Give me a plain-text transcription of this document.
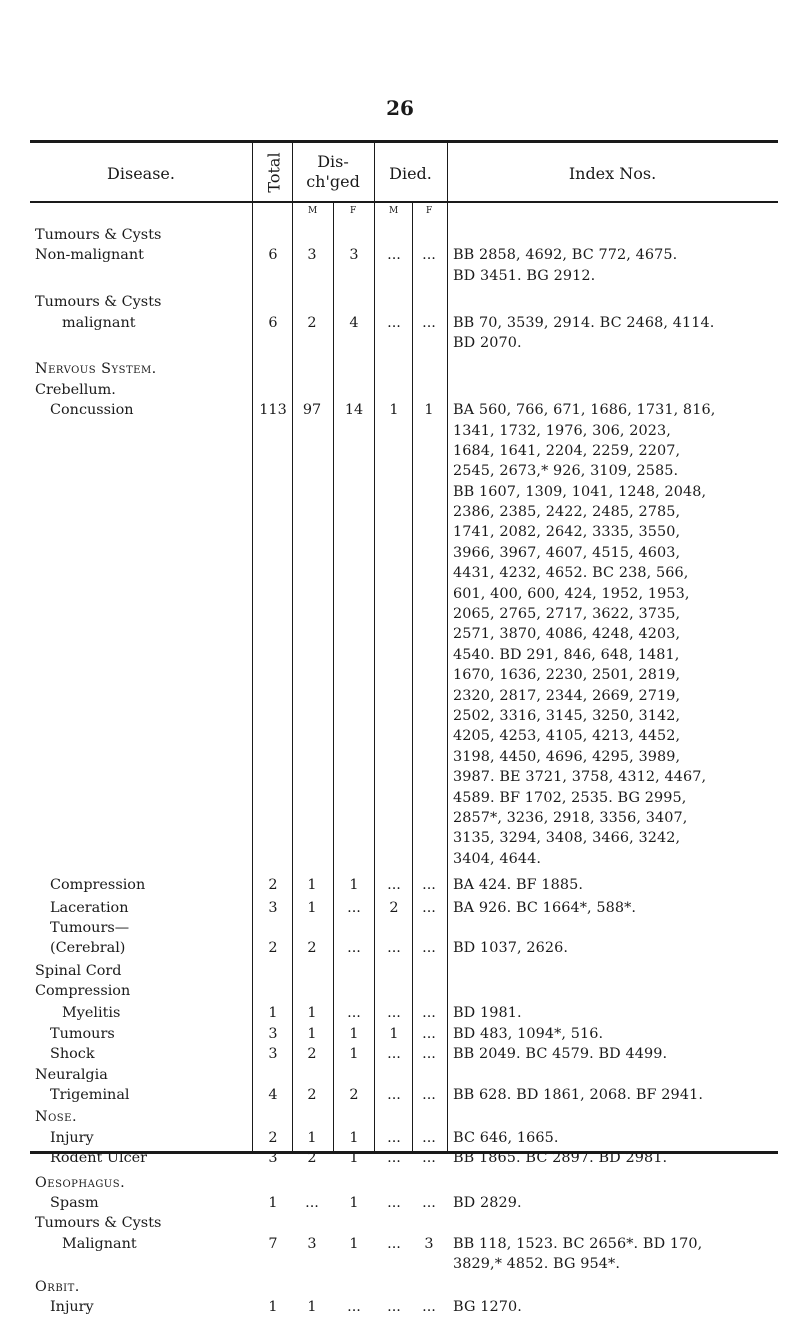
26
Disease.	Total	Dis-
ch'ged	Died.	Index Nos.
M	F	M	F
Tumours & Cysts
Non-malignant	6	3	3	...	...	BB 2858, 4692, BC 772, 4675.
BD 3451. BG 2912.
Tumours & Cysts
malignant	6	2	4	...	...	BB 70, 3539, 2914. BC 2468, 4114.
BD 2070.
Nervous System.
Crebellum.
Concussion	113	97	14	1	1	BA 560, 766, 671, 1686, 1731, 816,
1341, 1732, 1976, 306, 2023,
1684, 1641, 2204, 2259, 2207,
2545, 2673,* 926, 3109, 2585.
BB 1607, 1309, 1041, 1248, 2048,
2386, 2385, 2422, 2485, 2785,
1741, 2082, 2642, 3335, 3550,
3966, 3967, 4607, 4515, 4603,
4431, 4232, 4652. BC 238, 566,
601, 400, 600, 424, 1952, 1953,
2065, 2765, 2717, 3622, 3735,
2571, 3870, 4086, 4248, 4203,
4540. BD 291, 846, 648, 1481,
1670, 1636, 2230, 2501, 2819,
2320, 2817, 2344, 2669, 2719,
2502, 3316, 3145, 3250, 3142,
4205, 4253, 4105, 4213, 4452,
3198, 4450, 4696, 4295, 3989,
3987. BE 3721, 3758, 4312, 4467,
4589. BF 1702, 2535. BG 2995,
2857*, 3236, 2918, 3356, 3407,
3135, 3294, 3408, 3466, 3242,
3404, 4644.
Compression	2	1	1	...	...	BA 424. BF 1885.
Laceration	3	1	...	2	...	BA 926. BC 1664*, 588*.
Tumours—
(Cerebral)	2	2	...	...	...	BD 1037, 2626.
Spinal Cord
Compression
Myelitis	1	1	...	...	...	BD 1981.
Tumours	3	1	1	1	...	BD 483, 1094*, 516.
Shock	3	2	1	...	...	BB 2049. BC 4579. BD 4499.
Neuralgia
Trigeminal	4	2	2	...	...	BB 628. BD 1861, 2068. BF 2941.
Nose.
Injury	2	1	1	...	...	BC 646, 1665.
Rodent Ulcer	3	2	1	...	...	BB 1865. BC 2897. BD 2981.
Oesophagus.
Spasm	1	...	1	...	...	BD 2829.
Tumours & Cysts
Malignant	7	3	1	...	3	BB 118, 1523. BC 2656*. BD 170,
3829,* 4852. BG 954*.
Orbit.
Injury	1	1	...	...	...	BG 1270.
